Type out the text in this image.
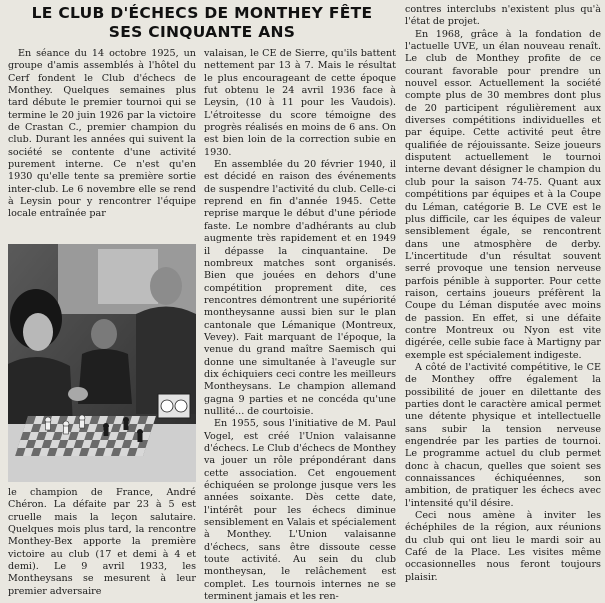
LE CLUB D'ÉCHECS DE MONTHEY FÊTE
SES CINQUANTE ANS

En séance du 14 octobre 1925, un groupe d'amis assemblés à l'hôtel du Cerf fondent le Club d'échecs de Monthey. Quelques semaines plus tard débute le premier tournoi qui se termine le 20 juin 1926 par la victoire de Crastan C., premier champion du club. Durant les années qui suivent la société se contente d'une activité purement interne. Ce n'est qu'en 1930 qu'elle tente sa première sortie inter-club. Le 6 novembre elle se rend à Leysin pour y rencontrer l'équipe locale entraînée par

le champion de France, André Chéron. La défaite par 23 à 5 est cruelle mais la leçon salutaire. Quelques mois plus tard, la rencontre Monthey-Bex apporte la première victoire au club (17 et demi à 4 et demi). Le 9 avril 1933, les Montheysans se mesurent à leur premier adversaire

valaisan, le CE de Sierre, qu'ils battent nettement par 13 à 7. Mais le résultat le plus encourageant de cette époque fut obtenu le 24 avril 1936 face à Leysin, (10 à 11 pour les Vaudois). L'étroitesse du score témoigne des progrès réalisés en moins de 6 ans. On est bien loin de la correction subie en 1930.

En assemblée du 20 février 1940, il est décidé en raison des événements de suspendre l'activité du club. Celle-ci reprend en fin d'année 1945. Cette reprise marque le début d'une période faste. Le nombre d'adhérants au club augmente très rapidement et en 1949 il dépasse la cinquantaine. De nombreux matches sont organisés. Bien que jouées en dehors d'une compétition proprement dite, ces rencontres démontrent une supériorité montheysanne aussi bien sur le plan cantonale que Lémanique (Montreux, Vevey). Fait marquant de l'époque, la venue du grand maître Saemisch qui donne une simultanée à l'aveugle sur dix échiquiers ceci contre les meilleurs Montheysans. Le champion allemand gagna 9 parties et ne concéda qu'une nullité... de courtoisie.

En 1955, sous l'initiative de M. Paul Vogel, est créé l'Union valaisanne d'échecs. Le Club d'échecs de Monthey va jouer un rôle prépondérant dans cette association. Cet engouement échiquéen se prolonge jusque vers les années soixante. Dès cette date, l'intérêt pour les échecs diminue sensiblement en Valais et spécialement à Monthey. L'Union valaisanne d'échecs, sans être dissoute cesse toute activité. Au sein du club montheysan, le relâchement est complet. Les tournois internes ne se terminent jamais et les ren-

contres interclubs n'existent plus qu'à l'état de projet.

En 1968, grâce à la fondation de l'actuelle UVE, un élan nouveau renaît. Le club de Monthey profite de ce courant favorable pour prendre un nouvel essor. Actuellement la société compte plus de 30 membres dont plus de 20 participent régulièrement aux diverses compétitions individuelles et par équipe. Cette activité peut être qualifiée de réjouissante. Seize joueurs disputent actuellement le tournoi interne devant désigner le champion du club pour la saison 74-75. Quant aux compétitions par équipes et à la Coupe du Léman, catégorie B. Le CVE est le plus difficile, car les équipes de valeur sensiblement égale, se rencontrent dans une atmosphère de derby. L'incertitude d'un résultat souvent serré provoque une tension nerveuse parfois pénible à supporter. Pour cette raison, certains joueurs préfèrent la Coupe du Léman disputée avec moins de passion. En effet, si une défaite contre Montreux ou Nyon est vite digérée, celle subie face à Martigny par exemple est spécialement indigeste.

A côté de l'activité compétitive, le CE de Monthey offre également la possibilité de jouer en dilettante des parties dont le caractère amical permet une détente physique et intellectuelle sans subir la tension nerveuse engendrée par les parties de tournoi. Le programme actuel du club permet donc à chacun, quelles que soient ses connaissances échiquéennes, son ambition, de pratiquer les échecs avec l'intensité qu'il désire.

Ceci nous amène à inviter les échéphiles de la région, aux réunions du club qui ont lieu le mardi soir au Café de la Place. Les visites même occasionnelles nous feront toujours plaisir.
